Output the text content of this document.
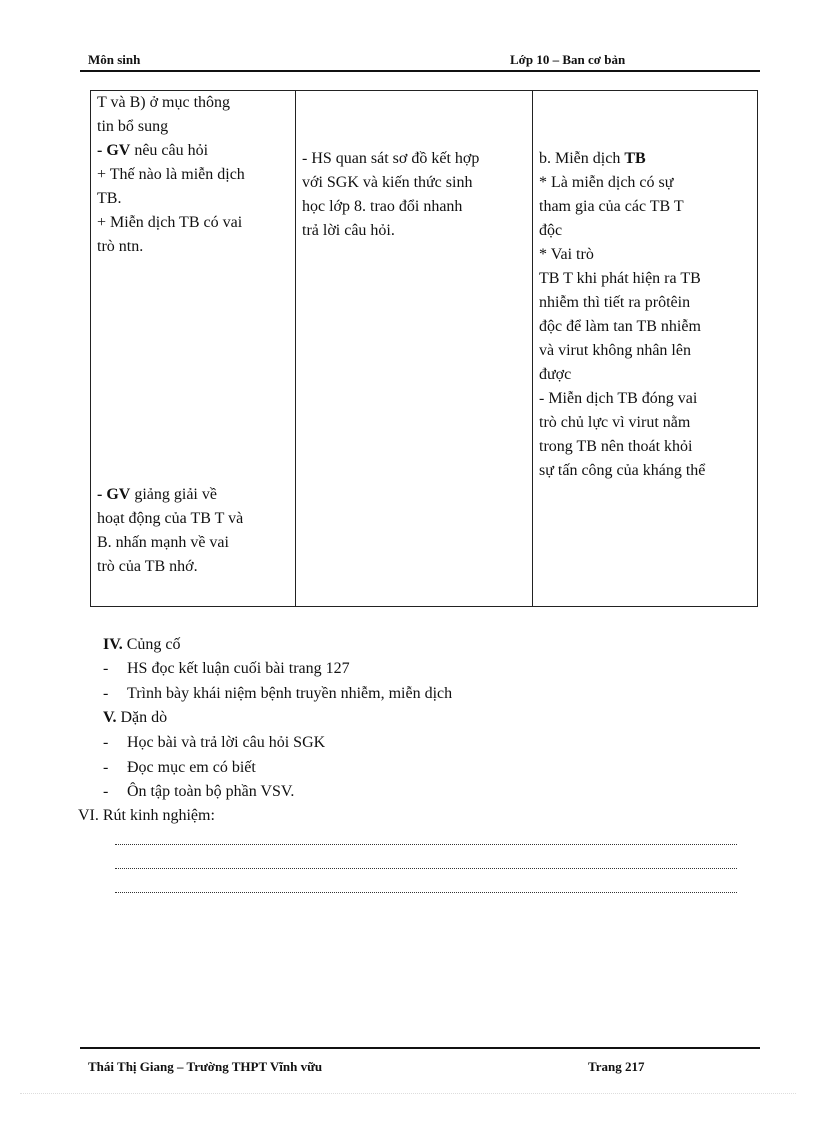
Môn sinh	Lớp 10 – Ban cơ bản
T và B) ở mục thông
tin bổ sung
- GV nêu câu hỏi
+ Thế nào là miễn dịch
TB.
+ Miễn dịch TB có vai
trò ntn.
- GV giảng giải về
hoạt động của TB T và
B. nhấn mạnh về vai
trò của TB nhớ.

- HS quan sát sơ đồ kết hợp
với SGK và kiến thức sinh
học lớp 8. trao đổi nhanh
trả lời câu hỏi.

b. Miễn dịch TB
* Là miễn dịch có sự
tham gia của các TB T
độc
* Vai trò
TB T khi phát hiện ra TB
nhiễm thì tiết ra prôtêin
độc để làm tan TB nhiễm
và virut không nhân lên
được
- Miễn dịch TB đóng vai
trò chủ lực vì virut nằm
trong TB nên thoát khỏi
sự tấn công của kháng thể
IV. Củng cố
- HS đọc kết luận cuối bài trang 127
- Trình bày khái niệm bệnh truyền nhiễm, miễn dịch
V. Dặn dò
- Học bài và trả lời câu hỏi SGK
- Đọc mục em có biết
- Ôn tập toàn bộ phần VSV.
VI. Rút kinh nghiệm:
Thái Thị Giang – Trường THPT Vĩnh vữu	Trang 217
